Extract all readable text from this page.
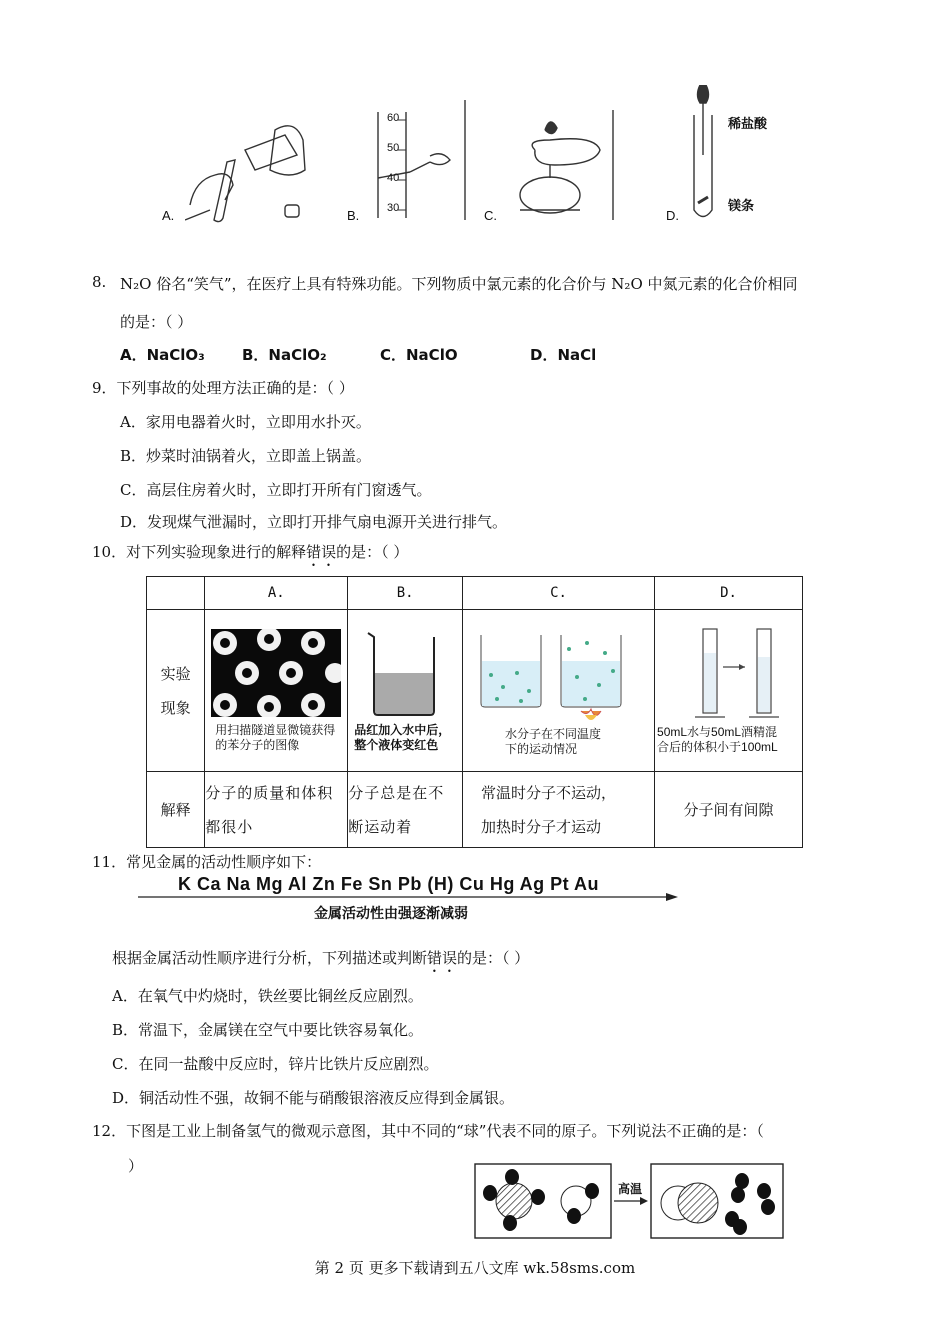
A.
60
50
40
30
B.	C.
稀盐酸
镁条
D.
8. N₂O 俗名“笑气”，在医疗上具有特殊功能。下列物质中氯元素的化合价与 N₂O 中氮元素的化合价相同
的是：（ ）
A．NaClO₃ B．NaClO₂	C．NaClO	D．NaCl
9．下列事故的处理方法正确的是：（ ）
A．家用电器着火时，立即用水扑灭。
B．炒菜时油锅着火，立即盖上锅盖。
C．高层住房着火时，立即打开所有门窗透气。
D．发现煤气泄漏时，立即打开排气扇电源开关进行排气。
10．对下列实验现象进行的解释错误的是：（ ）
	A.	B.	C.	D.

实验
现象	用扫描隧道显微镜获得的苯分子的图像	品红加入水中后，整个液体变红色	水分子在不同温度下的运动情况	50mL水与50mL酒精混合后的体积小于100mL

解释	分子的质量和体积都很小	分子总是在不断运动着	常温时分子不运动，加热时分子才运动	分子间有间隙
11．常见金属的活动性顺序如下：
K Ca Na Mg Al Zn Fe Sn Pb (H) Cu Hg Ag Pt Au
金属活动性由强逐渐减弱
根据金属活动性顺序进行分析，下列描述或判断错误的是：（ ）
A．在氧气中灼烧时，铁丝要比铜丝反应剧烈。
B．常温下，金属镁在空气中要比铁容易氧化。
C．在同一盐酸中反应时，锌片比铁片反应剧烈。
D．铜活动性不强，故铜不能与硝酸银溶液反应得到金属银。
12．下图是工业上制备氢气的微观示意图，其中不同的“球”代表不同的原子。下列说法不正确的是：（
）
高温
第 2 页 更多下载请到五八文库 wk.58sms.com
